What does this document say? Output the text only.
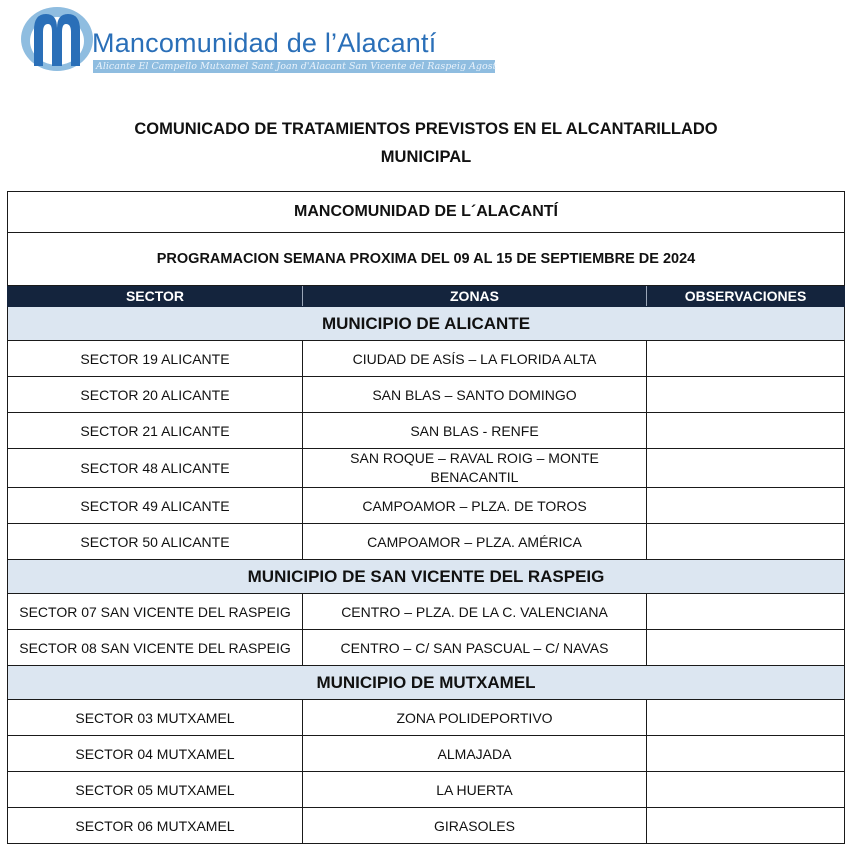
Mancomunidad de l’Alacantí
Alicante El Campello Mutxamel Sant Joan d'Alacant San Vicente del Raspeig Agost
COMUNICADO DE TRATAMIENTOS PREVISTOS EN EL ALCANTARILLADO
MUNICIPAL
MANCOMUNIDAD DE L´ALACANTÍ		
PROGRAMACION SEMANA PROXIMA DEL 09 AL 15 DE SEPTIEMBRE DE 2024		
SECTOR	ZONAS	OBSERVACIONES
MUNICIPIO DE ALICANTE		
SECTOR 19 ALICANTE	CIUDAD DE ASÍS – LA FLORIDA ALTA	
SECTOR 20 ALICANTE	SAN BLAS – SANTO DOMINGO	
SECTOR 21 ALICANTE	SAN BLAS - RENFE	
SECTOR 48 ALICANTE	SAN ROQUE – RAVAL ROIG – MONTE BENACANTIL	
SECTOR 49 ALICANTE	CAMPOAMOR – PLZA. DE TOROS	
SECTOR 50 ALICANTE	CAMPOAMOR – PLZA. AMÉRICA	
MUNICIPIO DE SAN VICENTE DEL RASPEIG		
SECTOR 07 SAN VICENTE DEL RASPEIG	CENTRO – PLZA. DE LA C. VALENCIANA	
SECTOR 08 SAN VICENTE DEL RASPEIG	CENTRO – C/ SAN PASCUAL – C/ NAVAS	
MUNICIPIO DE MUTXAMEL		
SECTOR 03 MUTXAMEL	ZONA POLIDEPORTIVO	
SECTOR 04 MUTXAMEL	ALMAJADA	
SECTOR 05 MUTXAMEL	LA HUERTA	
SECTOR 06 MUTXAMEL	GIRASOLES	
